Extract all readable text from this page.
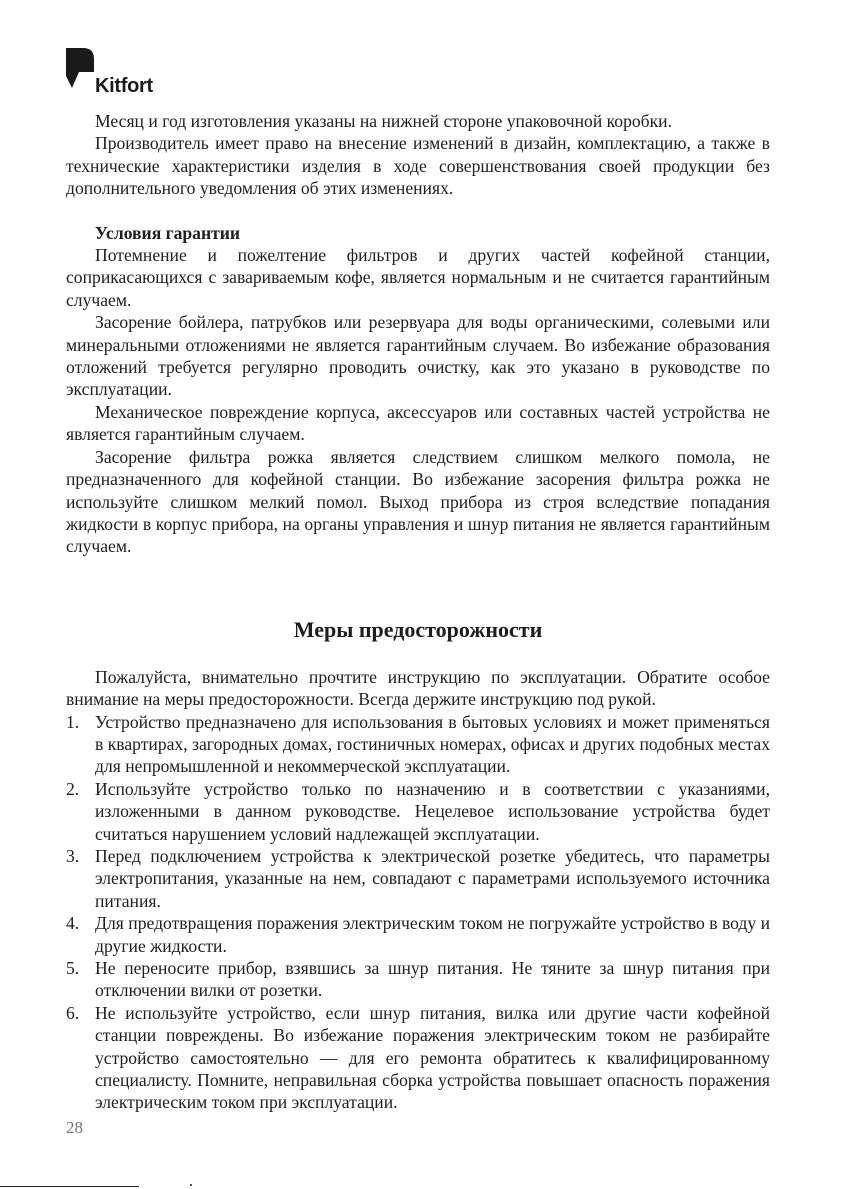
Kitfort

Месяц и год изготовления указаны на нижней стороне упаковочной коробки.

Производитель имеет право на внесение изменений в дизайн, комплектацию, а также в технические характеристики изделия в ходе совершенствования своей продукции без дополнительного уведомления об этих изменениях.

Условия гарантии

Потемнение и пожелтение фильтров и других частей кофейной станции, соприкасающихся с завариваемым кофе, является нормальным и не считается гарантийным случаем.

Засорение бойлера, патрубков или резервуара для воды органическими, солевыми или минеральными отложениями не является гарантийным случаем. Во избежание образования отложений требуется регулярно проводить очистку, как это указано в руководстве по эксплуатации.

Механическое повреждение корпуса, аксессуаров или составных частей устройства не является гарантийным случаем.

Засорение фильтра рожка является следствием слишком мелкого помола, не предназначенного для кофейной станции. Во избежание засорения фильтра рожка не используйте слишком мелкий помол. Выход прибора из строя вследствие попадания жидкости в корпус прибора, на органы управления и шнур питания не является гарантийным случаем.

Меры предосторожности

Пожалуйста, внимательно прочтите инструкцию по эксплуатации. Обратите особое внимание на меры предосторожности. Всегда держите инструкцию под рукой.

1. Устройство предназначено для использования в бытовых условиях и может применяться в квартирах, загородных домах, гостиничных номерах, офисах и других подобных местах для непромышленной и некоммерческой эксплуатации.
2. Используйте устройство только по назначению и в соответствии с указаниями, изложенными в данном руководстве. Нецелевое использование устройства будет считаться нарушением условий надлежащей эксплуатации.
3. Перед подключением устройства к электрической розетке убедитесь, что параметры электропитания, указанные на нем, совпадают с параметрами используемого источника питания.
4. Для предотвращения поражения электрическим током не погружайте устройство в воду и другие жидкости.
5. Не переносите прибор, взявшись за шнур питания. Не тяните за шнур питания при отключении вилки от розетки.
6. Не используйте устройство, если шнур питания, вилка или другие части кофейной станции повреждены. Во избежание поражения электрическим током не разбирайте устройство самостоятельно — для его ремонта обратитесь к квалифицированному специалисту. Помните, неправильная сборка устройства повышает опасность поражения электрическим током при эксплуатации.
28
